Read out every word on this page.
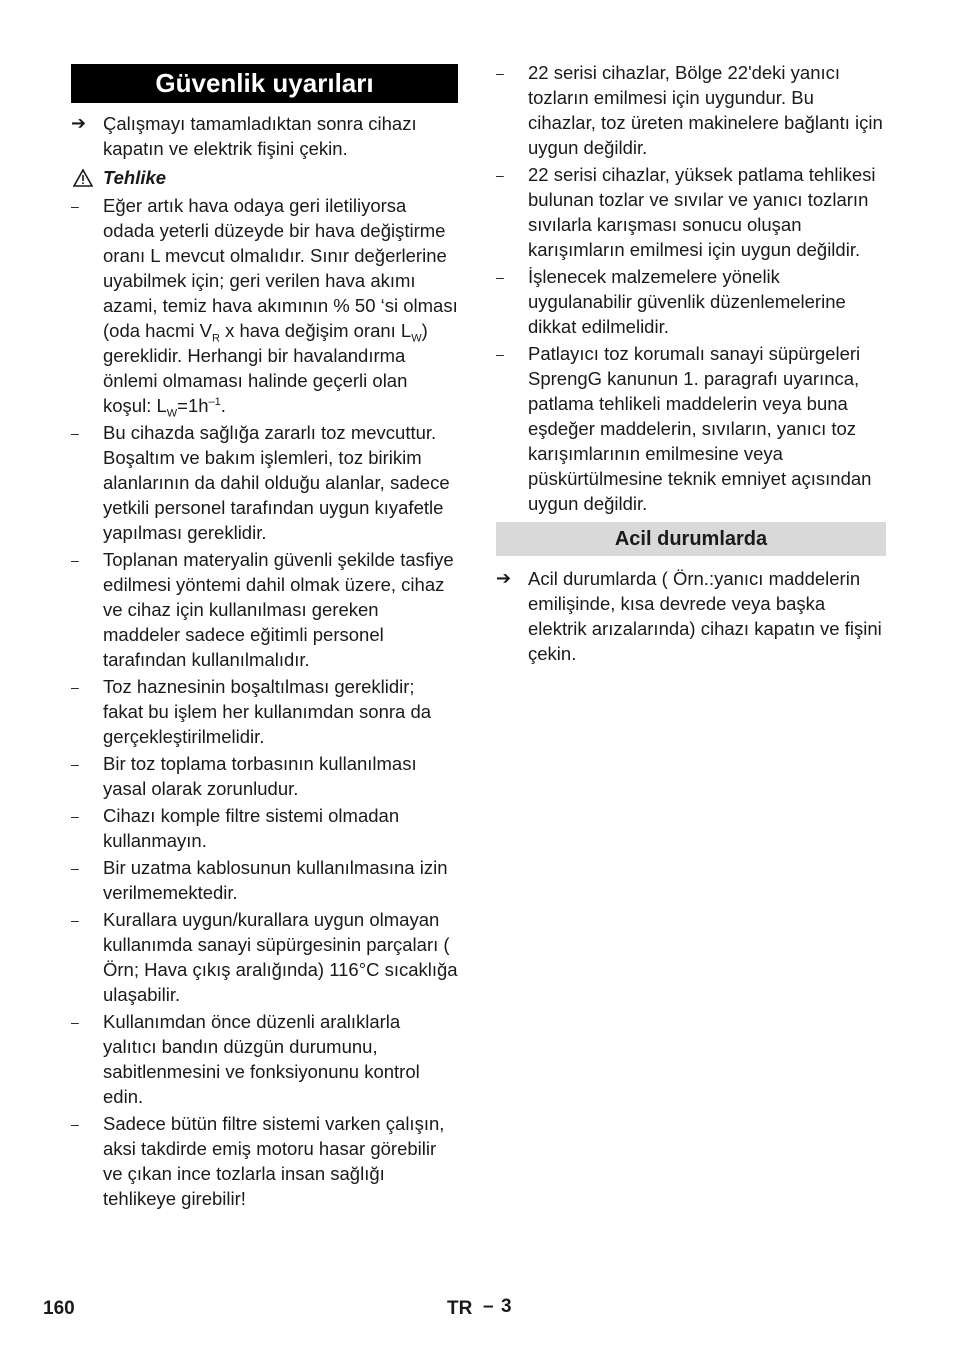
Güvenlik uyarıları
➔ Çalışmayı tamamladıktan sonra cihazı kapatın ve elektrik fişini çekin.
Tehlike
–	Eğer artık hava odaya geri iletiliyorsa odada yeterli düzeyde bir hava değiştirme oranı L mevcut olmalıdır. Sınır değerlerine uyabilmek için; geri verilen hava akımı azami, temiz hava akımının % 50 ‘si olması (oda hacmi $V_R$ x hava değişim oranı $L_W$) gereklidir. Herhangi bir havalandırma önlemi olmaması halinde geçerli olan koşul: $L_W=1h^{-1}$.
–	Bu cihazda sağlığa zararlı toz mevcuttur. Boşaltım ve bakım işlemleri, toz birikim alanlarının da dahil olduğu alanlar, sadece yetkili personel tarafından uygun kıyafetle yapılması gereklidir.
–	Toplanan materyalin güvenli şekilde tasfiye edilmesi yöntemi dahil olmak üzere, cihaz ve cihaz için kullanılması gereken maddeler sadece eğitimli personel tarafından kullanılmalıdır.
–	Toz haznesinin boşaltılması gereklidir; fakat bu işlem her kullanımdan sonra da gerçekleştirilmelidir.
–	Bir toz toplama torbasının kullanılması yasal olarak zorunludur.
–	Cihazı komple filtre sistemi olmadan kullanmayın.
–	Bir uzatma kablosunun kullanılmasına izin verilmemektedir.
–	Kurallara uygun/kurallara uygun olmayan kullanımda sanayi süpürgesinin parçaları ( Örn; Hava çıkış aralığında) 116°C sıcaklığa ulaşabilir.
–	Kullanımdan önce düzenli aralıklarla yalıtıcı bandın düzgün durumunu, sabitlenmesini ve fonksiyonunu kontrol edin.
–	Sadece bütün filtre sistemi varken çalışın, aksi takdirde emiş motoru hasar görebilir ve çıkan ince tozlarla insan sağlığı tehlikeye girebilir!
–	22 serisi cihazlar, Bölge 22'deki yanıcı tozların emilmesi için uygundur. Bu cihazlar, toz üreten makinelere bağlantı için uygun değildir.
–	22 serisi cihazlar, yüksek patlama tehlikesi bulunan tozlar ve sıvılar ve yanıcı tozların sıvılarla karışması sonucu oluşan karışımların emilmesi için uygun değildir.
–	İşlenecek malzemelere yönelik uygulanabilir güvenlik düzenlemelerine dikkat edilmelidir.
–	Patlayıcı toz korumalı sanayi süpürgeleri SprengG kanunun 1. paragrafı uyarınca, patlama tehlikeli maddelerin veya buna eşdeğer maddelerin, sıvıların, yanıcı toz karışımlarının emilmesine veya püskürtülmesine teknik emniyet açısından uygun değildir.
Acil durumlarda
➔ Acil durumlarda ( Örn.:yanıcı maddelerin emilişinde, kısa devrede veya başka elektrik arızalarında) cihazı kapatın ve fişini çekin.
160	TR – 3
